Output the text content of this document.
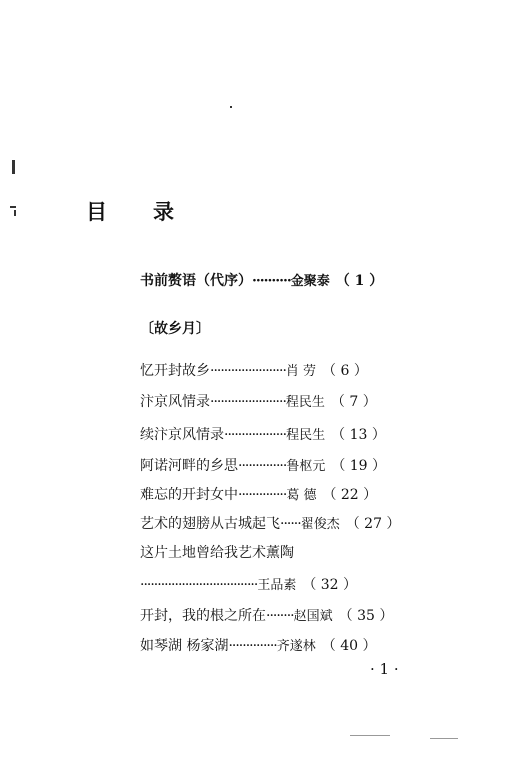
目 录
书前赘语（代序） ·········· 金聚泰 （ 1 ）
〔故乡月〕
忆开封故乡 ······················ 肖 劳 （ 6 ）
汴京风情录 ······················ 程民生 （ 7 ）
续汴京风情录 ·················· 程民生 （ 13 ）
阿诺河畔的乡思 ·············· 鲁枢元 （ 19 ）
难忘的开封女中 ·············· 葛 德 （ 22 ）
艺术的翅膀从古城起飞 ······ 翟俊杰 （ 27 ）
这片土地曾给我艺术薰陶
·································· 王品素 （ 32 ）
开封，我的根之所在 ········ 赵国斌 （ 35 ）
如琴湖 杨家湖 ·············· 齐遂林 （ 40 ）
· 1 ·
